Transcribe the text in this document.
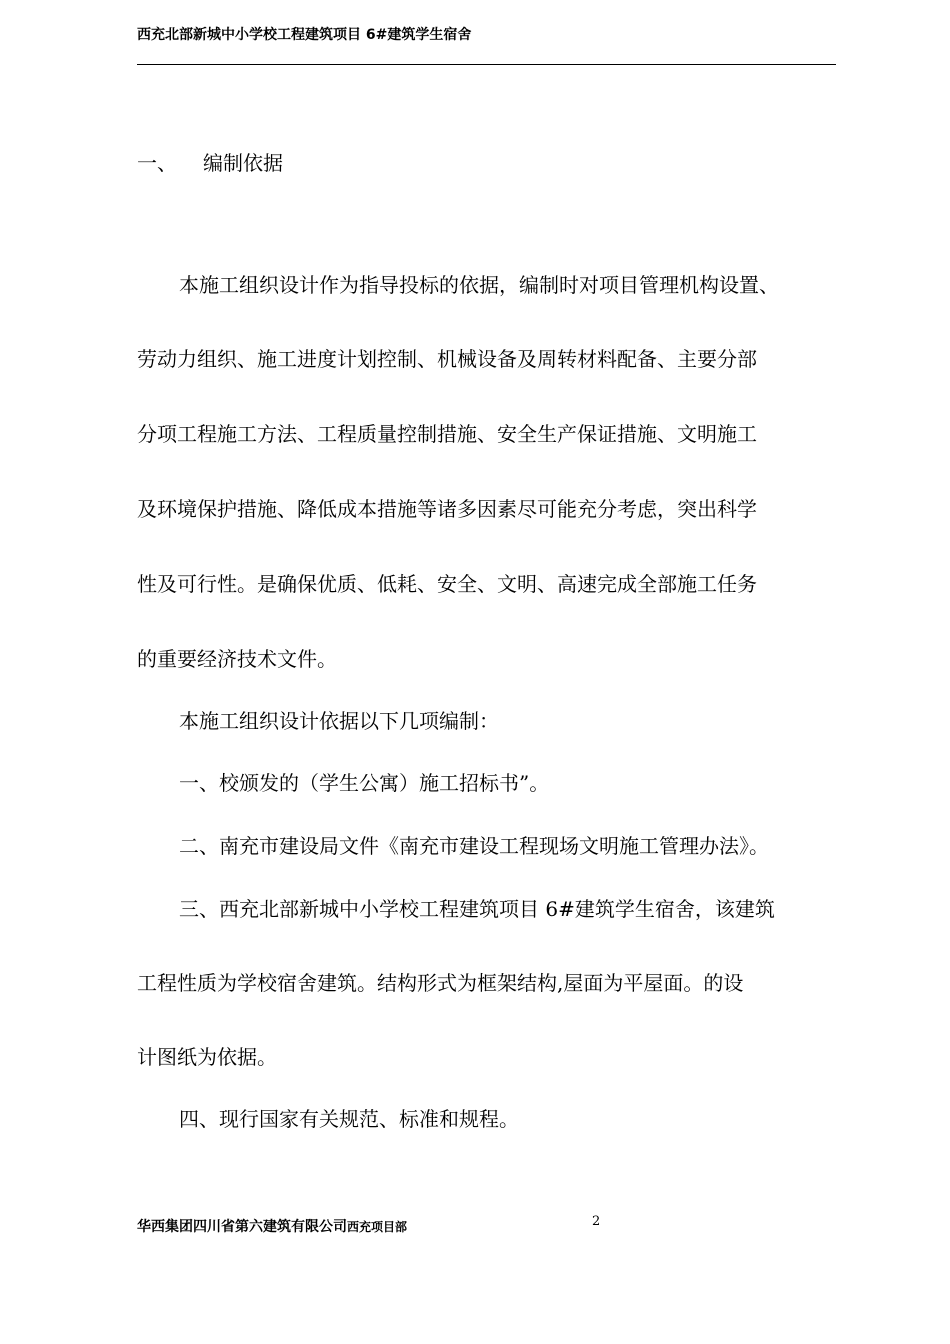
西充北部新城中小学校工程建筑项目 6#建筑学生宿舍
一、 编制依据
本施工组织设计作为指导投标的依据，编制时对项目管理机构设置、
劳动力组织、施工进度计划控制、机械设备及周转材料配备、主要分部
分项工程施工方法、工程质量控制措施、安全生产保证措施、文明施工
及环境保护措施、降低成本措施等诸多因素尽可能充分考虑，突出科学
性及可行性。是确保优质、低耗、安全、文明、高速完成全部施工任务
的重要经济技术文件。
本施工组织设计依据以下几项编制：
一、校颁发的（学生公寓）施工招标书”。
二、南充市建设局文件《南充市建设工程现场文明施工管理办法》。
三、西充北部新城中小学校工程建筑项目 6#建筑学生宿舍，该建筑
工程性质为学校宿舍建筑。结构形式为框架结构,屋面为平屋面。的设
计图纸为依据。
四、现行国家有关规范、标准和规程。
华西集团四川省第六建筑有限公司西充项目部	2
